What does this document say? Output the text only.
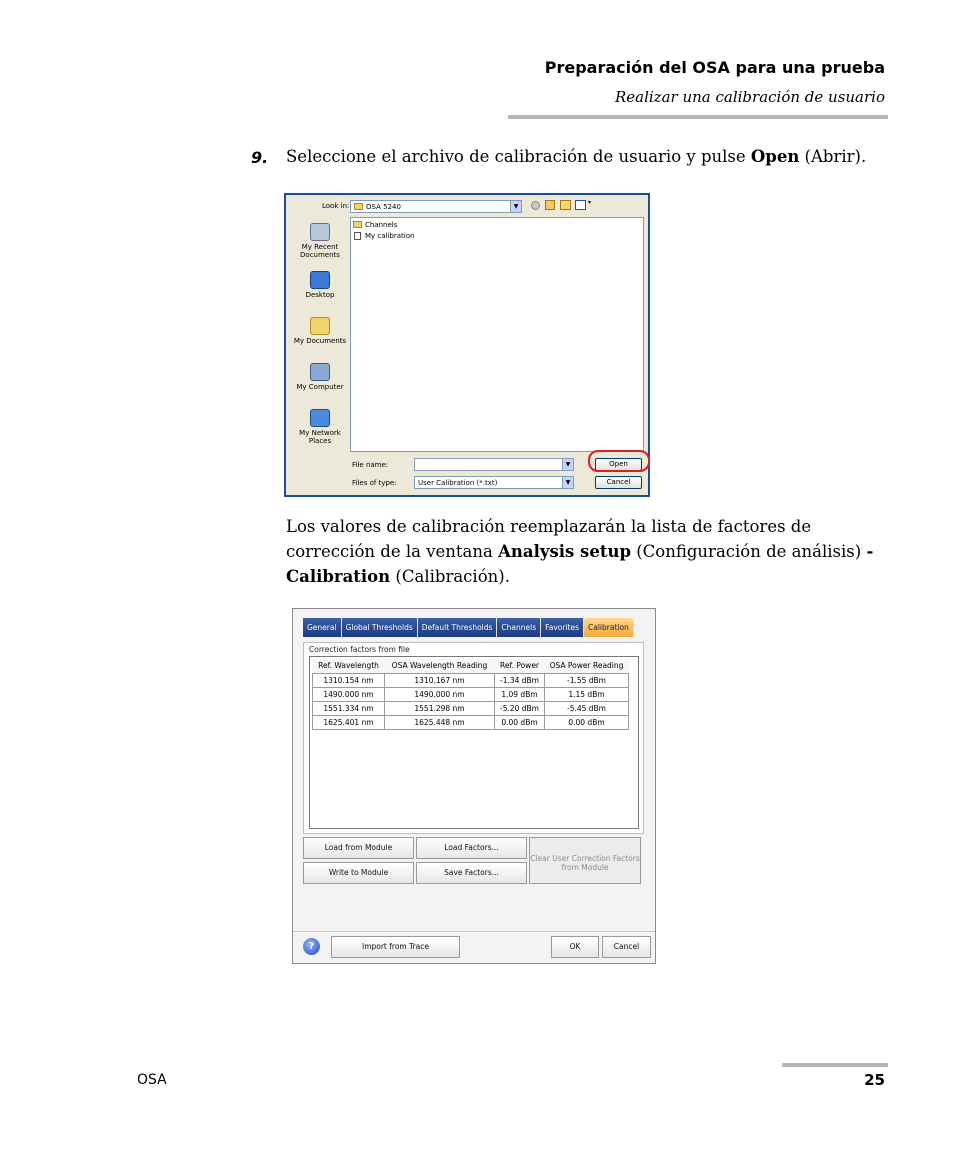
Preparación del OSA para una prueba
Realizar una calibración de usuario
9. Seleccione el archivo de calibración de usuario y pulse Open (Abrir).
Look in: OSA 5240	▼
▾
My Recent Documents
Desktop
My Documents
My Computer
My Network Places
Channels
My calibration
File name:	▼
Files of type:	User Calibration (*.txt)	▼
Open
Cancel
Los valores de calibración reemplazarán la lista de factores de corrección de la ventana Analysis setup (Configuración de análisis) - Calibration (Calibración).
General	Global Thresholds	Default Thresholds	Channels	Favorites	Calibration
Correction factors from file
Ref. Wavelength	OSA Wavelength Reading	Ref. Power	OSA Power Reading
1310.154 nm	1310.167 nm	-1.34 dBm	-1.55 dBm
1490.000 nm	1490.000 nm	1.09 dBm	1.15 dBm
1551.334 nm	1551.298 nm	-5.20 dBm	-5.45 dBm
1625.401 nm	1625.448 nm	0.00 dBm	0.00 dBm
Load from Module	Load Factors...
Clear User Correction Factors from Module
Write to Module	Save Factors...
?	Import from Trace	OK	Cancel
OSA	25
